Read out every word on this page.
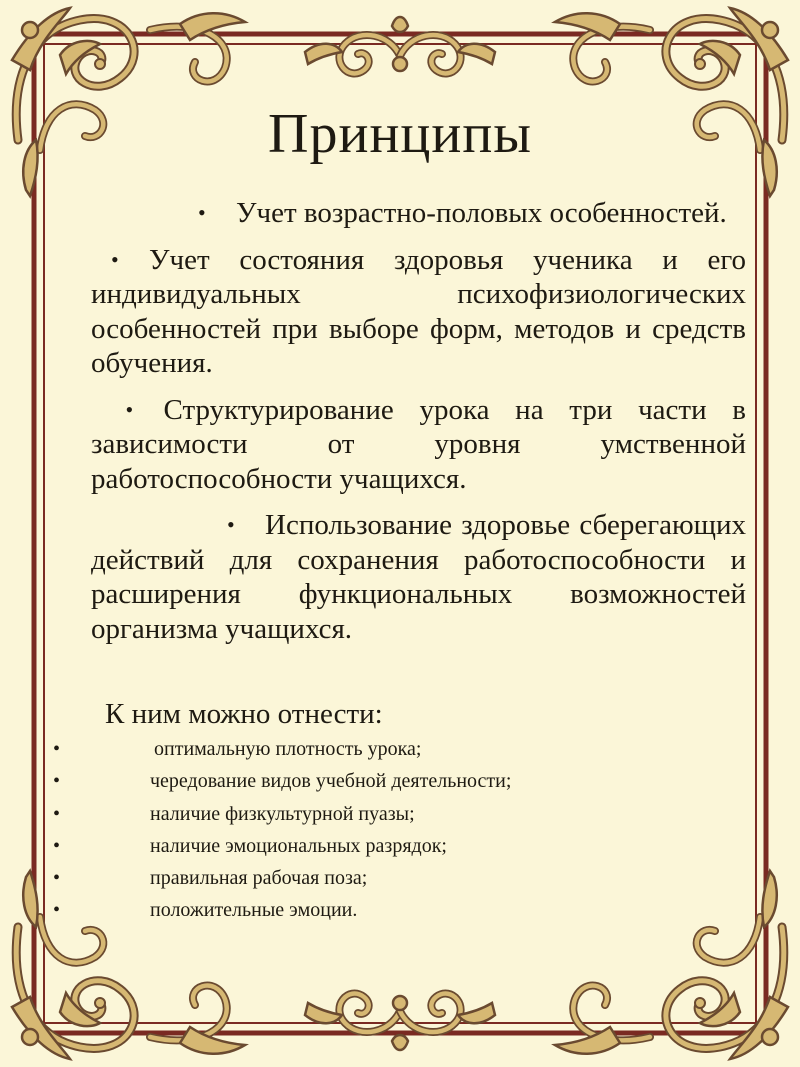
Принципы
• Учет возрастно-половых особенностей.
• Учет состояния здоровья ученика и его индивидуальных психофизиологических особенностей при выборе форм, методов и средств обучения.
• Структурирование урока на три части в зависимости от уровня умственной работоспособности учащихся.
• Использование здоровье сберегающих действий для сохранения работоспособности и расширения функциональных возможностей организма учащихся.
К ним можно отнести:
•	оптимальную плотность урока;

•	чередование видов учебной деятельности;

•	наличие физкультурной пуазы;

•	наличие эмоциональных разрядок;

•	правильная рабочая поза;

•	положительные эмоции.
